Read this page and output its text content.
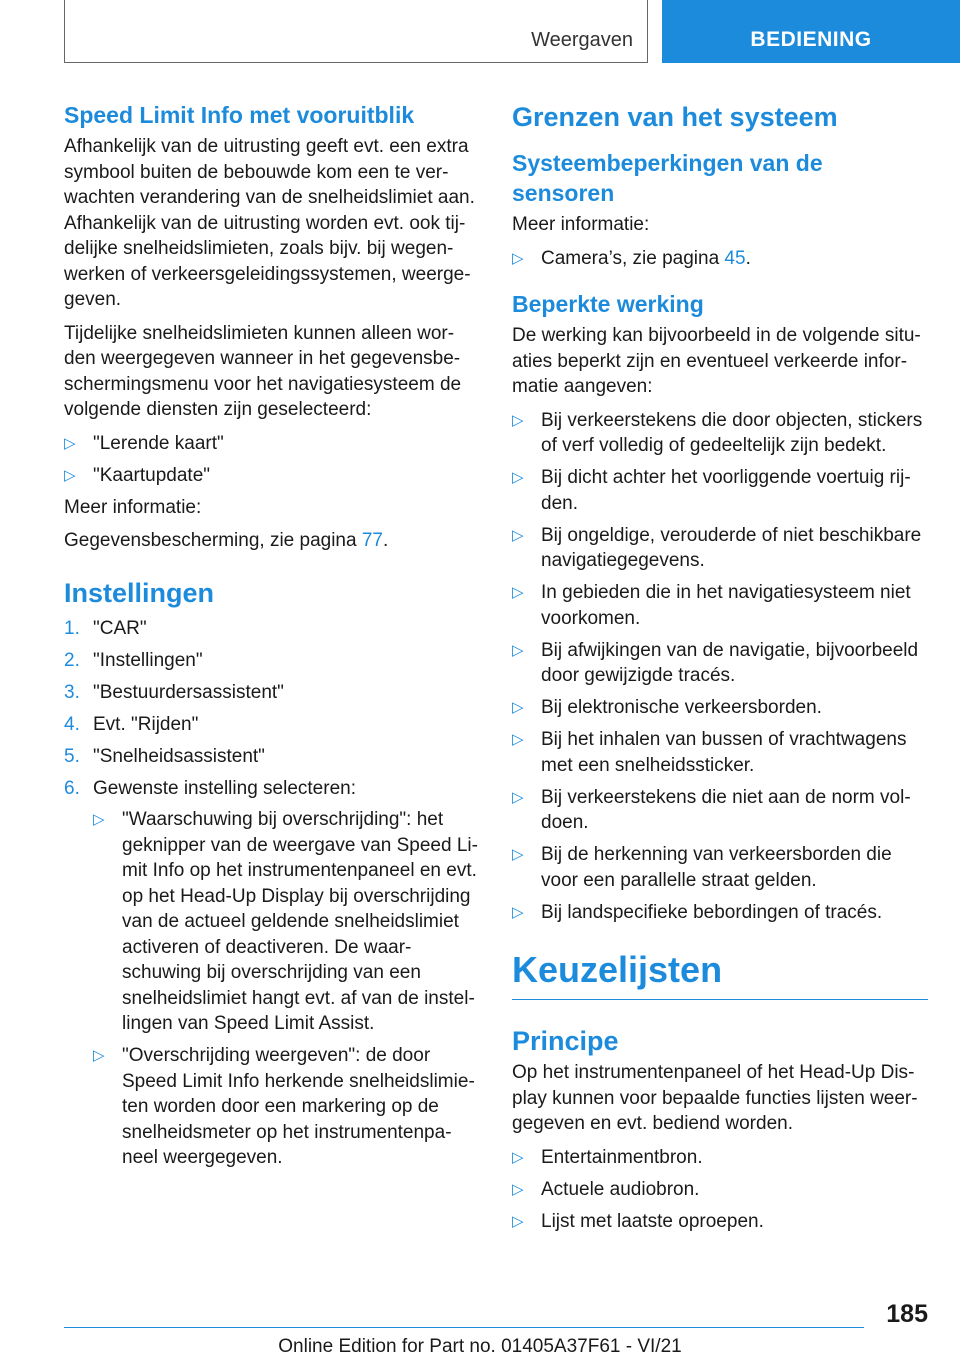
Weergaven	BEDIENING
Speed Limit Info met vooruitblik

Afhankelijk van de uitrusting geeft evt. een extra symbool buiten de bebouwde kom een te verwachten verandering van de snelheidslimiet aan. Afhankelijk van de uitrusting worden evt. ook tijdelijke snelheidslimieten, zoals bijv. bij wegenwerken of verkeersgeleidingssystemen, weergegeven.

Tijdelijke snelheidslimieten kunnen alleen worden weergegeven wanneer in het gegevensbeschermingsmenu voor het navigatiesysteem de volgende diensten zijn geselecteerd:

▷ "Lerende kaart"
▷ "Kaartupdate"

Meer informatie:

Gegevensbescherming, zie pagina 77.

Instellingen
1. "CAR"
2. "Instellingen"
3. "Bestuurdersassistent"
4. Evt. "Rijden"
5. "Snelheidsassistent"
6. Gewenste instelling selecteren:
▷ "Waarschuwing bij overschrijding": het geknipper van de weergave van Speed Limit Info op het instrumentenpaneel en evt. op het Head-Up Display bij overschrijding van de actueel geldende snelheidslimiet activeren of deactiveren. De waarschuwing bij overschrijding van een snelheidslimiet hangt evt. af van de instellingen van Speed Limit Assist.
▷ "Overschrijding weergeven": de door Speed Limit Info herkende snelheidslimieten worden door een markering op de snelheidsmeter op het instrumentenpaneel weergegeven.
Grenzen van het systeem
Systeembeperkingen van de sensoren

Meer informatie:

▷ Camera’s, zie pagina 45.
Beperkte werking

De werking kan bijvoorbeeld in de volgende situaties beperkt zijn en eventueel verkeerde informatie aangeven:

▷ Bij verkeerstekens die door objecten, stickers of verf volledig of gedeeltelijk zijn bedekt.
▷ Bij dicht achter het voorliggende voertuig rijden.
▷ Bij ongeldige, verouderde of niet beschikbare navigatiegegevens.
▷ In gebieden die in het navigatiesysteem niet voorkomen.
▷ Bij afwijkingen van de navigatie, bijvoorbeeld door gewijzigde tracés.
▷ Bij elektronische verkeersborden.
▷ Bij het inhalen van bussen of vrachtwagens met een snelheidssticker.
▷ Bij verkeerstekens die niet aan de norm voldoen.
▷ Bij de herkenning van verkeersborden die voor een parallelle straat gelden.
▷ Bij landspecifieke bebordingen of tracés.
Keuzelijsten
Principe

Op het instrumentenpaneel of het Head-Up Display kunnen voor bepaalde functies lijsten weergegeven en evt. bediend worden.

▷ Entertainmentbron.
▷ Actuele audiobron.
▷ Lijst met laatste oproepen.
185
Online Edition for Part no. 01405A37F61 - VI/21
